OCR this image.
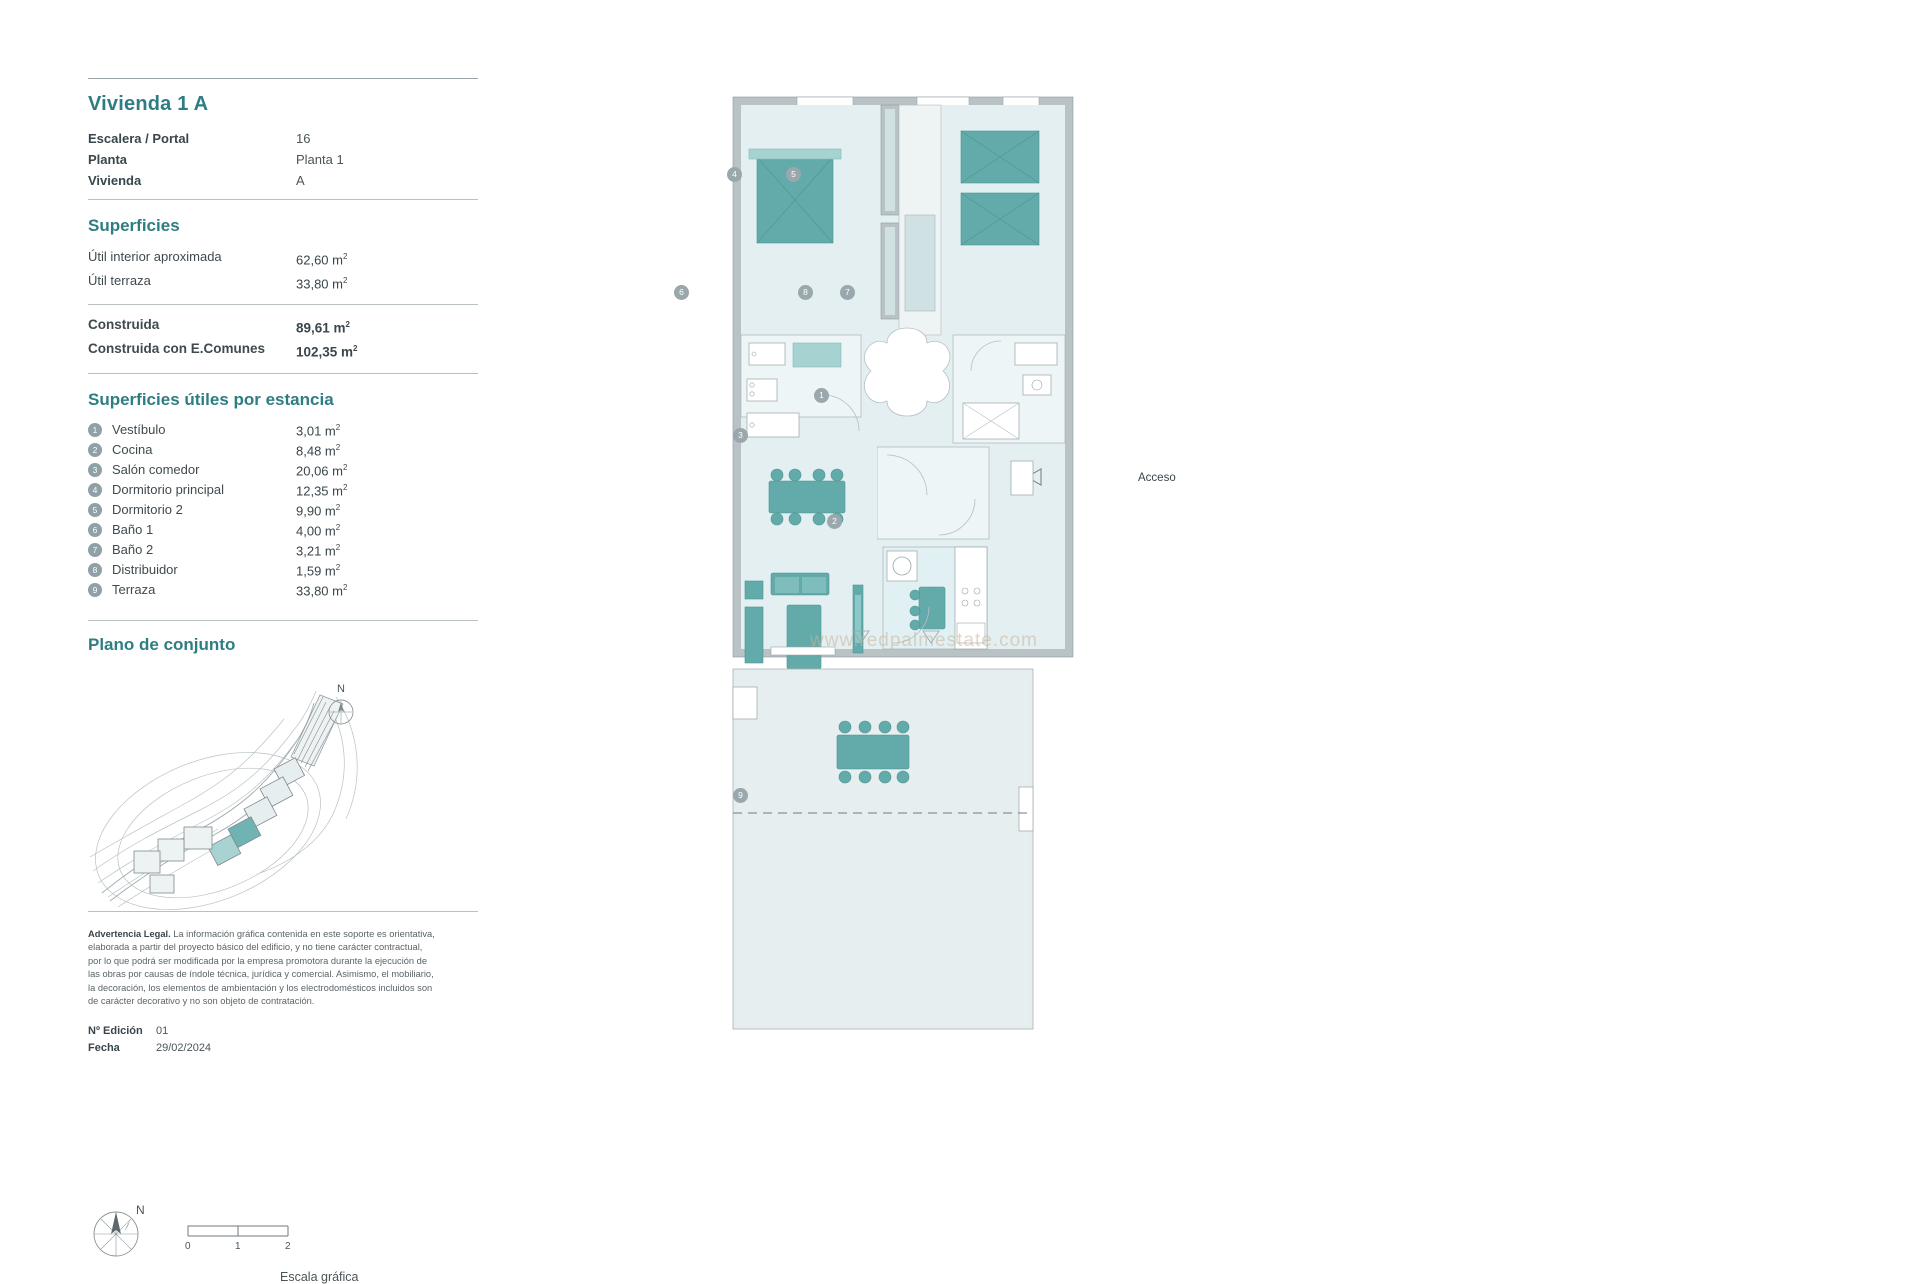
Vivienda 1 A
Escalera / Portal	16
Planta	Planta 1
Vivienda	A
Superficies
Útil interior aproximada	62,60 $m^2$
Útil terraza	33,80 $m^2$
Construida	89,61 $m^2$
Construida con E.Comunes	102,35 $m^2$
Superficies útiles por estancia
1	Vestíbulo	3,01 $m^2$
2	Cocina	8,48 $m^2$
3	Salón comedor	20,06 $m^2$
4	Dormitorio principal	12,35 $m^2$
5	Dormitorio 2	9,90 $m^2$
6	Baño 1	4,00 $m^2$
7	Baño 2	3,21 $m^2$
8	Distribuidor	1,59 $m^2$
9	Terraza	33,80 $m^2$
Plano de conjunto
N
Advertencia Legal. La información gráfica contenida en este soporte es orientativa, elaborada a partir del proyecto básico del edificio, y no tiene carácter contractual, por lo que podrá ser modificada por la empresa promotora durante la ejecución de las obras por causas de índole técnica, jurídica y comercial. Asimismo, el mobiliario, la decoración, los elementos de ambientación y los electrodomésticos incluidos son de carácter decorativo y no son objeto de contratación.
Nº Edición	01
Fecha	29/02/2024
N
0	1	2
Escala gráfica
4	5
6	8	7
1
3
2
9
Acceso
www.redpalmestate.com
